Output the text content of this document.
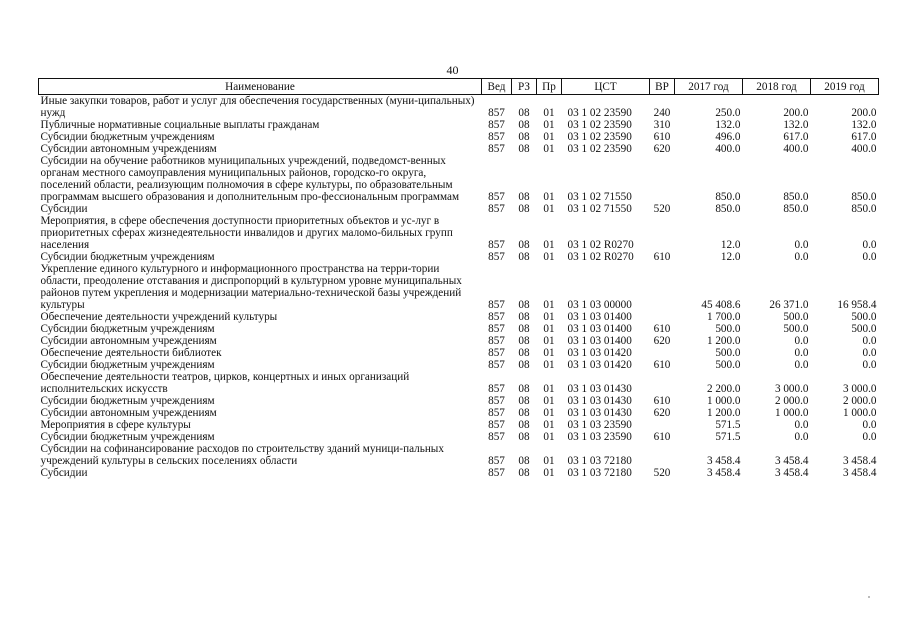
40
Наименование	Вед	РЗ	Пр	ЦСТ	ВР	2017 год	2018 год	2019 год
Иные закупки товаров, работ и услуг для обеспечения государственных (муни-ципальных) нужд	857	08	01	03 1 02 23590	240	250.0	200.0	200.0
Публичные нормативные социальные выплаты гражданам	857	08	01	03 1 02 23590	310	132.0	132.0	132.0
Субсидии бюджетным учреждениям	857	08	01	03 1 02 23590	610	496.0	617.0	617.0
Субсидии автономным учреждениям	857	08	01	03 1 02 23590	620	400.0	400.0	400.0
Субсидии на обучение работников муниципальных учреждений, подведомст-венных органам местного самоуправления муниципальных районов, городско-го округа, поселений области, реализующим полномочия в сфере культуры, по образовательным программам высшего образования и дополнительным про-фессиональным программам	857	08	01	03 1 02 71550		850.0	850.0	850.0
Субсидии	857	08	01	03 1 02 71550	520	850.0	850.0	850.0
Мероприятия, в сфере обеспечения доступности приоритетных объектов и ус-луг в приоритетных сферах жизнедеятельности инвалидов и других маломо-бильных групп населения	857	08	01	03 1 02 R0270		12.0	0.0	0.0
Субсидии бюджетным учреждениям	857	08	01	03 1 02 R0270	610	12.0	0.0	0.0
Укрепление единого культурного и информационного пространства на терри-тории области, преодоление отставания и диспропорций в культурном уровне муниципальных районов путем укрепления и модернизации материально-технической базы учреждений культуры	857	08	01	03 1 03 00000		45 408.6	26 371.0	16 958.4
Обеспечение деятельности учреждений культуры	857	08	01	03 1 03 01400		1 700.0	500.0	500.0
Субсидии бюджетным учреждениям	857	08	01	03 1 03 01400	610	500.0	500.0	500.0
Субсидии автономным учреждениям	857	08	01	03 1 03 01400	620	1 200.0	0.0	0.0
Обеспечение деятельности библиотек	857	08	01	03 1 03 01420		500.0	0.0	0.0
Субсидии бюджетным учреждениям	857	08	01	03 1 03 01420	610	500.0	0.0	0.0
Обеспечение деятельности театров, цирков, концертных и иных организаций исполнительских искусств	857	08	01	03 1 03 01430		2 200.0	3 000.0	3 000.0
Субсидии бюджетным учреждениям	857	08	01	03 1 03 01430	610	1 000.0	2 000.0	2 000.0
Субсидии автономным учреждениям	857	08	01	03 1 03 01430	620	1 200.0	1 000.0	1 000.0
Мероприятия в сфере культуры	857	08	01	03 1 03 23590		571.5	0.0	0.0
Субсидии бюджетным учреждениям	857	08	01	03 1 03 23590	610	571.5	0.0	0.0
Субсидии на софинансирование расходов по строительству зданий муници-пальных учреждений культуры в сельских поселениях области	857	08	01	03 1 03 72180		3 458.4	3 458.4	3 458.4
Субсидии	857	08	01	03 1 03 72180	520	3 458.4	3 458.4	3 458.4
